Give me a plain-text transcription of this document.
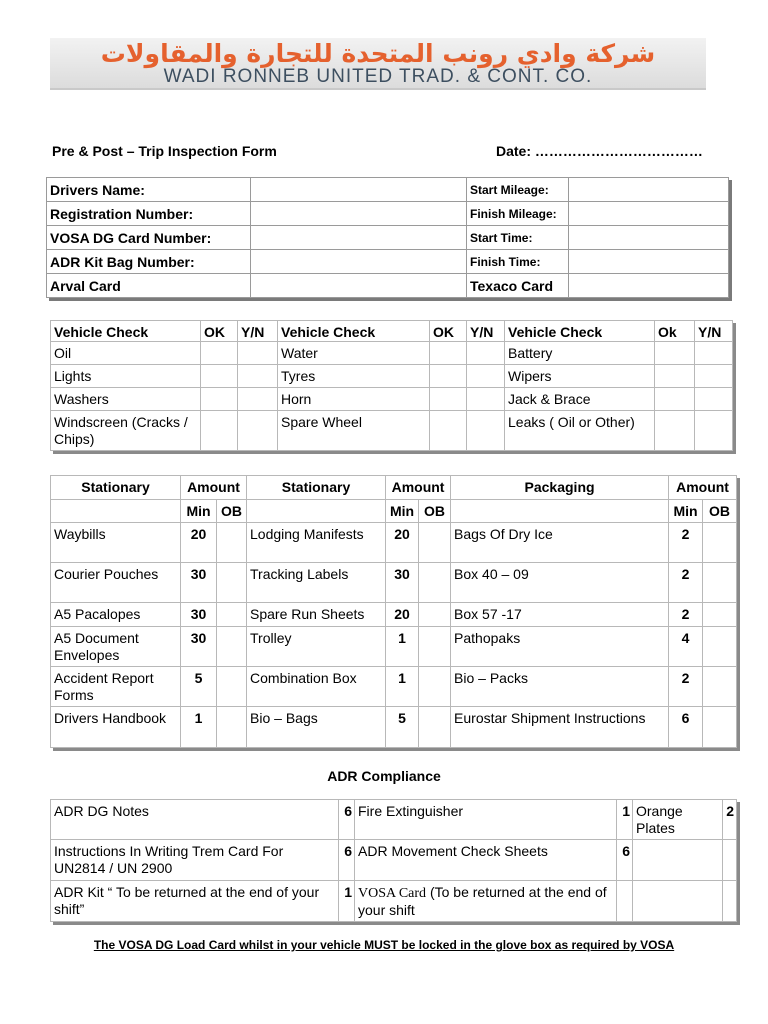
شركة وادي رونب المتحدة للتجارة والمقاولات
WADI RONNEB UNITED TRAD. & CONT. CO.
Pre & Post – Trip Inspection Form	Date: ………………………………
Drivers Name:		Start Mileage:	
Registration Number:		Finish Mileage:	
VOSA DG Card Number:		Start Time:	
ADR Kit Bag Number:		Finish Time:	
Arval Card		Texaco Card	
Vehicle Check	OK	Y/N	Vehicle Check	OK	Y/N	Vehicle Check	Ok	Y/N
Oil			Water			Battery		
Lights			Tyres			Wipers		
Washers			Horn			Jack & Brace		
Windscreen (Cracks / Chips)			Spare Wheel			Leaks ( Oil or Other)		
Stationary	Amount		Stationary	Amount		Packaging	Amount	
	Min	OB		Min	OB		Min	OB
Waybills	20		Lodging Manifests	20		Bags Of Dry Ice	2	
Courier Pouches	30		Tracking Labels	30		Box 40 – 09	2	
A5 Pacalopes	30		Spare Run Sheets	20		Box 57 -17	2	
A5 Document Envelopes	30		Trolley	1		Pathopaks	4	
Accident Report Forms	5		Combination Box	1		Bio – Packs	2	
Drivers Handbook	1		Bio – Bags	5		Eurostar Shipment Instructions	6	
ADR Compliance
ADR DG Notes	6	Fire Extinguisher	1	Orange Plates	2
Instructions In Writing Trem Card For UN2814 / UN 2900	6	ADR Movement Check Sheets	6		
ADR Kit “ To be returned at the end of your shift”	1	VOSA Card (To be returned at the end of your shift			
The VOSA DG Load Card whilst in your vehicle MUST be locked in the glove box as required by VOSA
